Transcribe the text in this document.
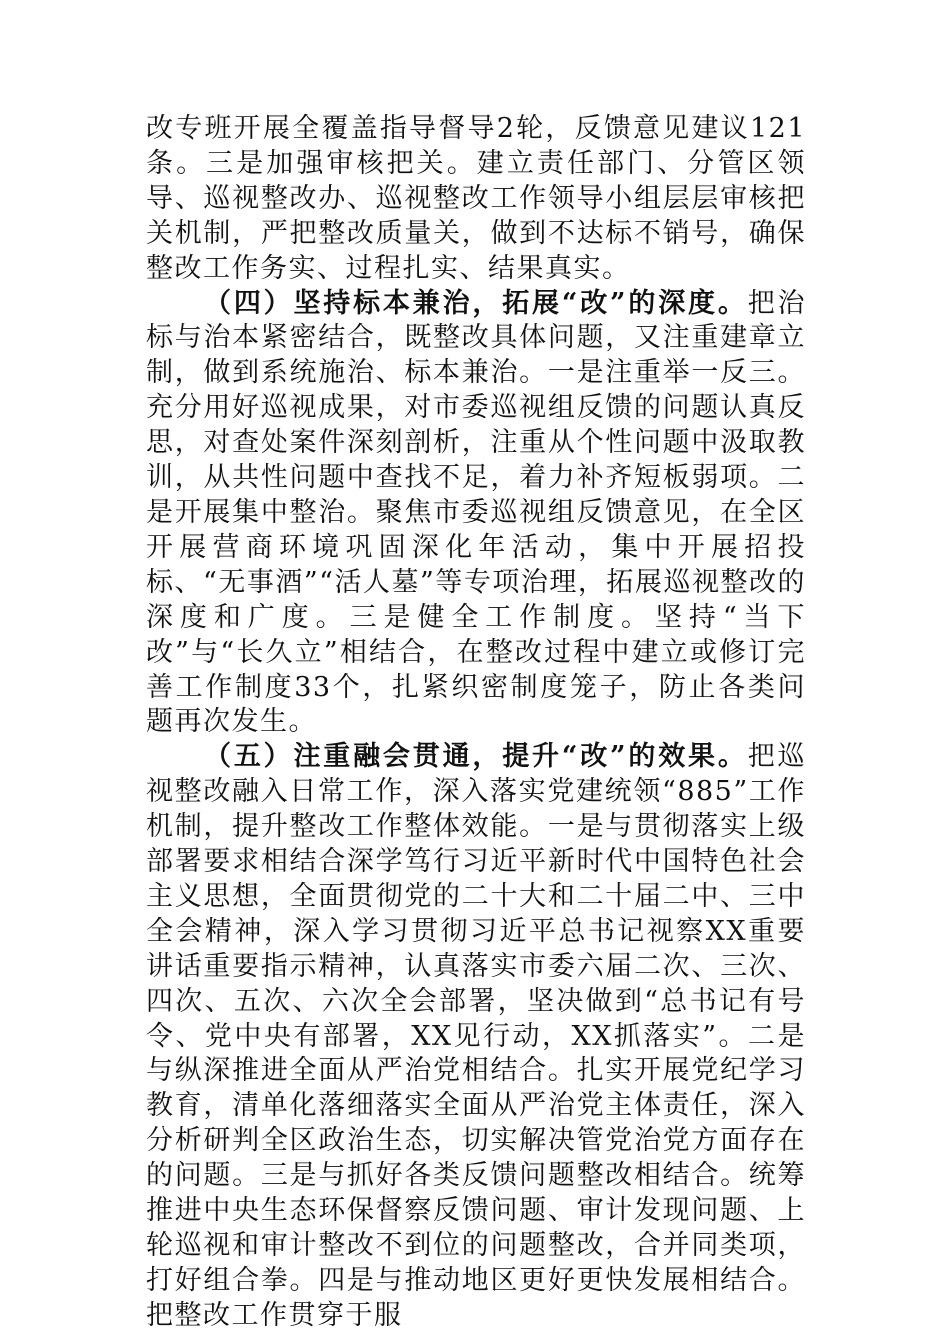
改专班开展全覆盖指导督导2轮，反馈意见建议121条。三是加强审核把关。建立责任部门、分管区领导、巡视整改办、巡视整改工作领导小组层层审核把关机制，严把整改质量关，做到不达标不销号，确保整改工作务实、过程扎实、结果真实。

（四）坚持标本兼治，拓展“改”的深度。把治标与治本紧密结合，既整改具体问题，又注重建章立制，做到系统施治、标本兼治。一是注重举一反三。充分用好巡视成果，对市委巡视组反馈的问题认真反思，对查处案件深刻剖析，注重从个性问题中汲取教训，从共性问题中查找不足，着力补齐短板弱项。二是开展集中整治。聚焦市委巡视组反馈意见，在全区开展营商环境巩固深化年活动，集中开展招投标、“无事酒”“活人墓”等专项治理，拓展巡视整改的深度和广度。三是健全工作制度。坚持“当下改”与“长久立”相结合，在整改过程中建立或修订完善工作制度33个，扎紧织密制度笼子，防止各类问题再次发生。

（五）注重融会贯通，提升“改”的效果。把巡视整改融入日常工作，深入落实党建统领“885”工作机制，提升整改工作整体效能。一是与贯彻落实上级部署要求相结合深学笃行习近平新时代中国特色社会主义思想，全面贯彻党的二十大和二十届二中、三中全会精神，深入学习贯彻习近平总书记视察XX重要讲话重要指示精神，认真落实市委六届二次、三次、四次、五次、六次全会部署，坚决做到“总书记有号令、党中央有部署，XX见行动，XX抓落实”。二是与纵深推进全面从严治党相结合。扎实开展党纪学习教育，清单化落细落实全面从严治党主体责任，深入分析研判全区政治生态，切实解决管党治党方面存在的问题。三是与抓好各类反馈问题整改相结合。统筹推进中央生态环保督察反馈问题、审计发现问题、上轮巡视和审计整改不到位的问题整改，合并同类项，打好组合拳。四是与推动地区更好更快发展相结合。把整改工作贯穿于服
